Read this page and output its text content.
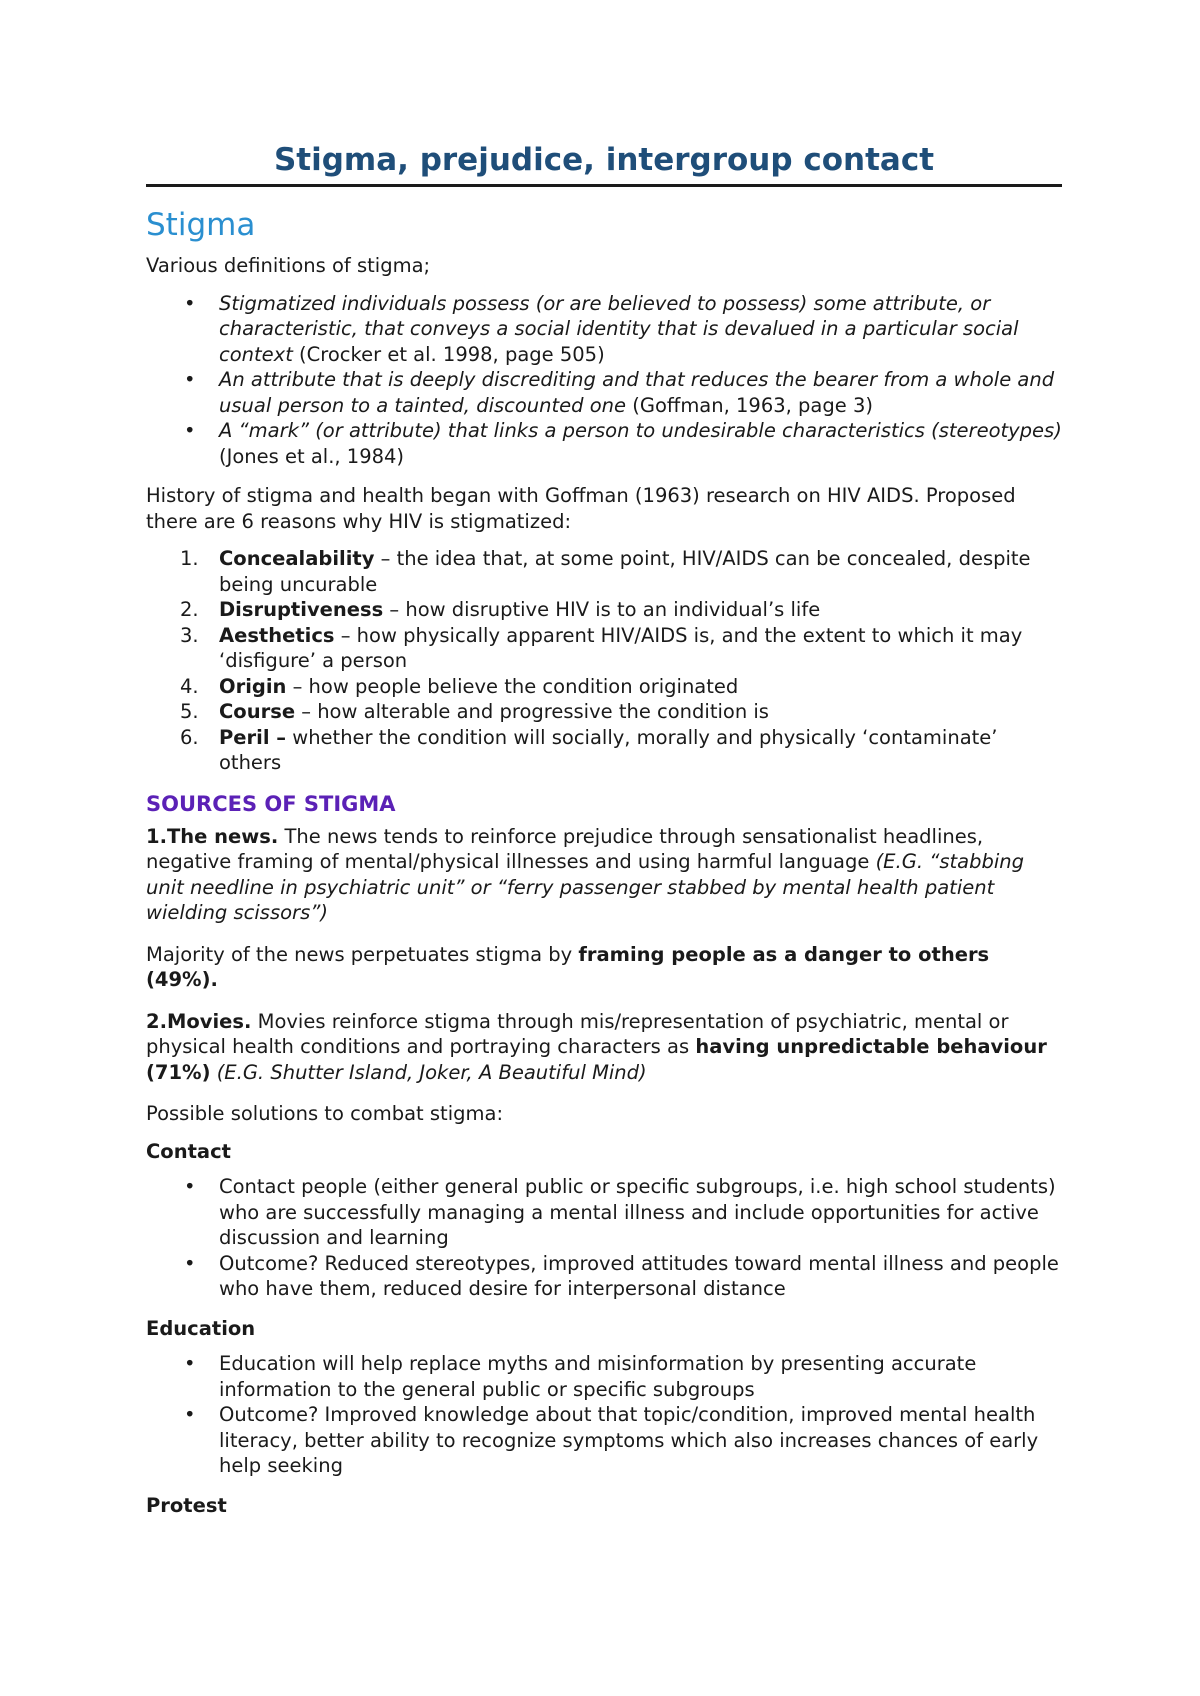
Stigma, prejudice, intergroup contact
Stigma

Various definitions of stigma;

•	Stigmatized individuals possess (or are believed to possess) some attribute, or characteristic, that conveys a social identity that is devalued in a particular social context (Crocker et al. 1998, page 505)
•	An attribute that is deeply discrediting and that reduces the bearer from a whole and usual person to a tainted, discounted one (Goffman, 1963, page 3)
•	A “mark” (or attribute) that links a person to undesirable characteristics (stereotypes) (Jones et al., 1984)

History of stigma and health began with Goffman (1963) research on HIV AIDS. Proposed there are 6 reasons why HIV is stigmatized:

1.	Concealability – the idea that, at some point, HIV/AIDS can be concealed, despite being uncurable
2.	Disruptiveness – how disruptive HIV is to an individual’s life
3.	Aesthetics – how physically apparent HIV/AIDS is, and the extent to which it may ‘disfigure’ a person
4.	Origin – how people believe the condition originated
5.	Course – how alterable and progressive the condition is
6.	Peril – whether the condition will socially, morally and physically ‘contaminate’ others
SOURCES OF STIGMA

1.The news. The news tends to reinforce prejudice through sensationalist headlines, negative framing of mental/physical illnesses and using harmful language (E.G. “stabbing unit needline in psychiatric unit” or “ferry passenger stabbed by mental health patient wielding scissors”)

Majority of the news perpetuates stigma by framing people as a danger to others (49%).

2.Movies. Movies reinforce stigma through mis/representation of psychiatric, mental or physical health conditions and portraying characters as having unpredictable behaviour (71%) (E.G. Shutter Island, Joker, A Beautiful Mind)

Possible solutions to combat stigma:

Contact
•	Contact people (either general public or specific subgroups, i.e. high school students) who are successfully managing a mental illness and include opportunities for active discussion and learning
•	Outcome? Reduced stereotypes, improved attitudes toward mental illness and people who have them, reduced desire for interpersonal distance
Education
•	Education will help replace myths and misinformation by presenting accurate information to the general public or specific subgroups
•	Outcome? Improved knowledge about that topic/condition, improved mental health literacy, better ability to recognize symptoms which also increases chances of early help seeking
Protest
